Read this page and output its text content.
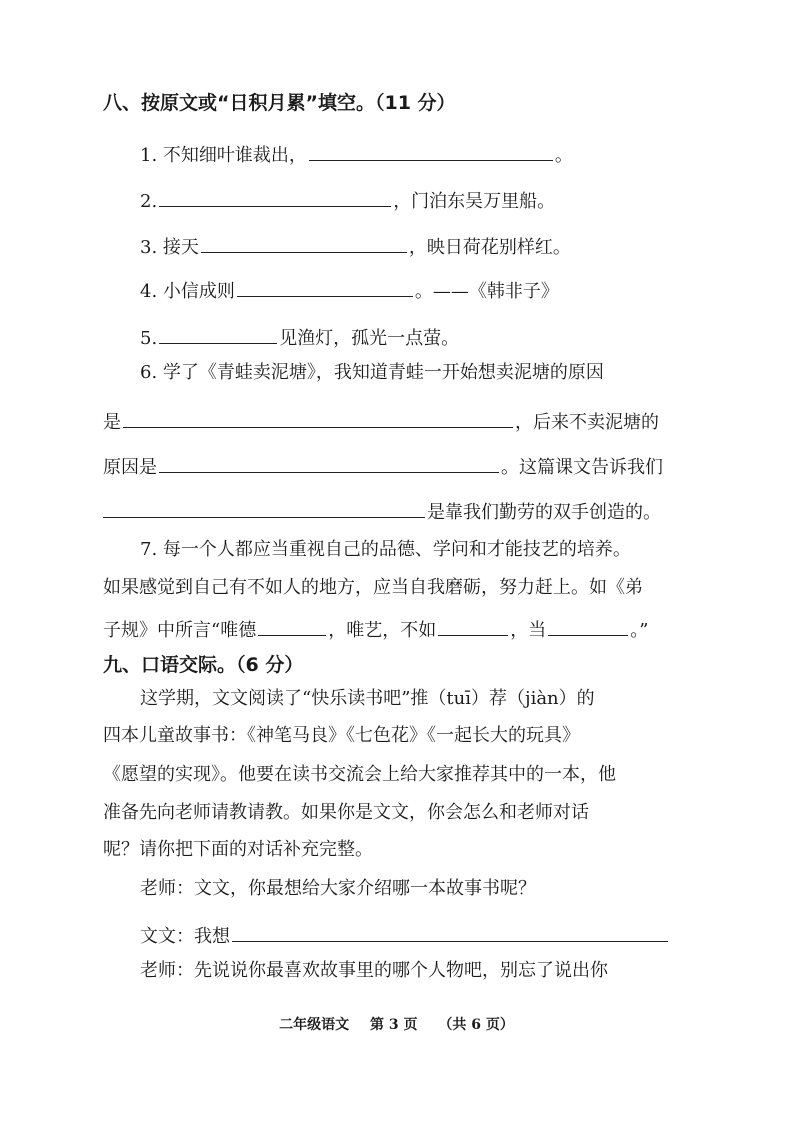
八、按原文或“日积月累”填空。（11 分）
1. 不知细叶谁裁出，	。
2.	，门泊东吴万里船。
3. 接天	，映日荷花别样红。
4. 小信成则	。——《韩非子》
5.	见渔灯，孤光一点萤。
6. 学了《青蛙卖泥塘》，我知道青蛙一开始想卖泥塘的原因
是	，后来不卖泥塘的
原因是	。这篇课文告诉我们
是靠我们勤劳的双手创造的。
7. 每一个人都应当重视自己的品德、学问和才能技艺的培养。
如果感觉到自己有不如人的地方，应当自我磨砺，努力赶上。如《弟
子规》中所言“唯德	，唯艺，不如	，当	。”
九、口语交际。（6 分）
这学期，文文阅读了“快乐读书吧”推（tuī）荐（jiàn）的
四本儿童故事书：《神笔马良》《七色花》《一起长大的玩具》
《愿望的实现》。他要在读书交流会上给大家推荐其中的一本，他
准备先向老师请教请教。如果你是文文，你会怎么和老师对话
呢？请你把下面的对话补充完整。
老师：文文，你最想给大家介绍哪一本故事书呢？
文文：我想
老师：先说说你最喜欢故事里的哪个人物吧，别忘了说出你
二年级语文 第 3 页 （共 6 页）
